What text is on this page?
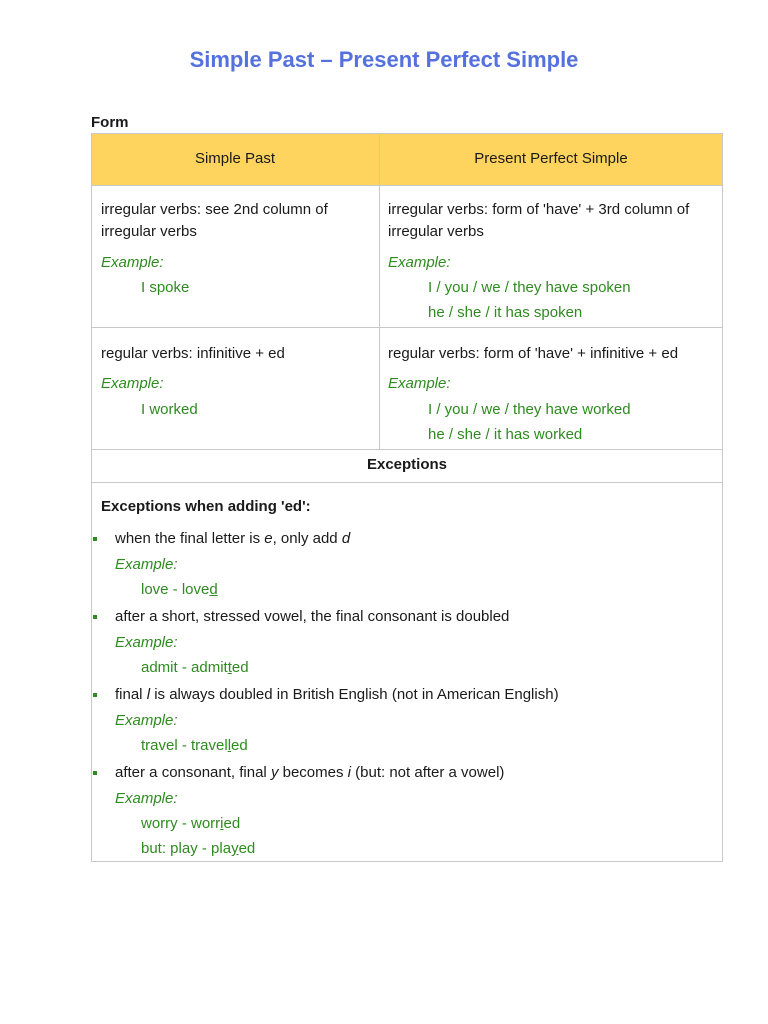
Simple Past – Present Perfect Simple
Form
Simple Past	Present Perfect Simple
irregular verbs: see 2nd column of irregular verbs
Example:
I spoke
irregular verbs: form of 'have' + 3rd column of irregular verbs
Example:
I / you / we / they have spoken
he / she / it has spoken
regular verbs: infinitive + ed
Example:
I worked
regular verbs: form of 'have' + infinitive + ed
Example:
I / you / we / they have worked
he / she / it has worked
Exceptions
Exceptions when adding 'ed':
when the final letter is e, only add d
Example:
love - loved
after a short, stressed vowel, the final consonant is doubled
Example:
admit - admitted
final l is always doubled in British English (not in American English)
Example:
travel - travelled
after a consonant, final y becomes i (but: not after a vowel)
Example:
worry - worried
but: play - played
